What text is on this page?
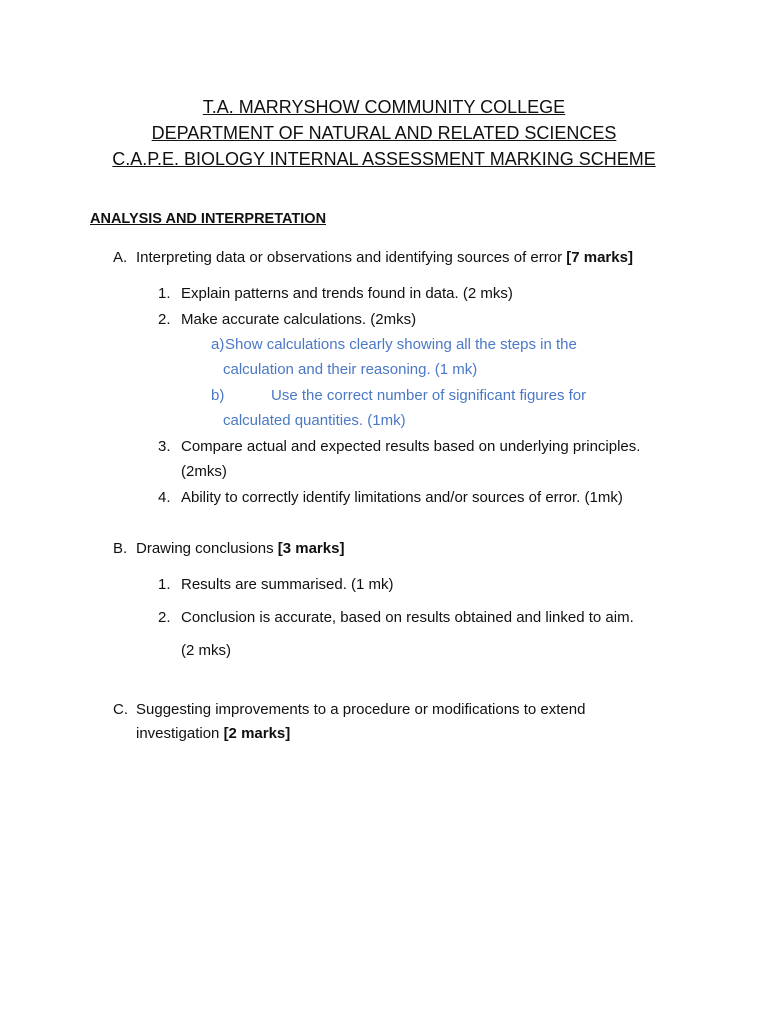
T.A. MARRYSHOW COMMUNITY COLLEGE
DEPARTMENT OF NATURAL AND RELATED SCIENCES
C.A.P.E. BIOLOGY INTERNAL ASSESSMENT MARKING SCHEME
ANALYSIS AND INTERPRETATION
A. Interpreting data or observations and identifying sources of error [7 marks]
1. Explain patterns and trends found in data. (2 mks)
2. Make accurate calculations. (2mks)
a) Show calculations clearly showing all the steps in the
calculation and their reasoning. (1 mk)
b)	Use the correct number of significant figures for
calculated quantities. (1mk)
3. Compare actual and expected results based on underlying principles.
(2mks)
4. Ability to correctly identify limitations and/or sources of error. (1mk)
B. Drawing conclusions [3 marks]
1. Results are summarised. (1 mk)
2. Conclusion is accurate, based on results obtained and linked to aim.
(2 mks)
C. Suggesting improvements to a procedure or modifications to extend
investigation [2 marks]
